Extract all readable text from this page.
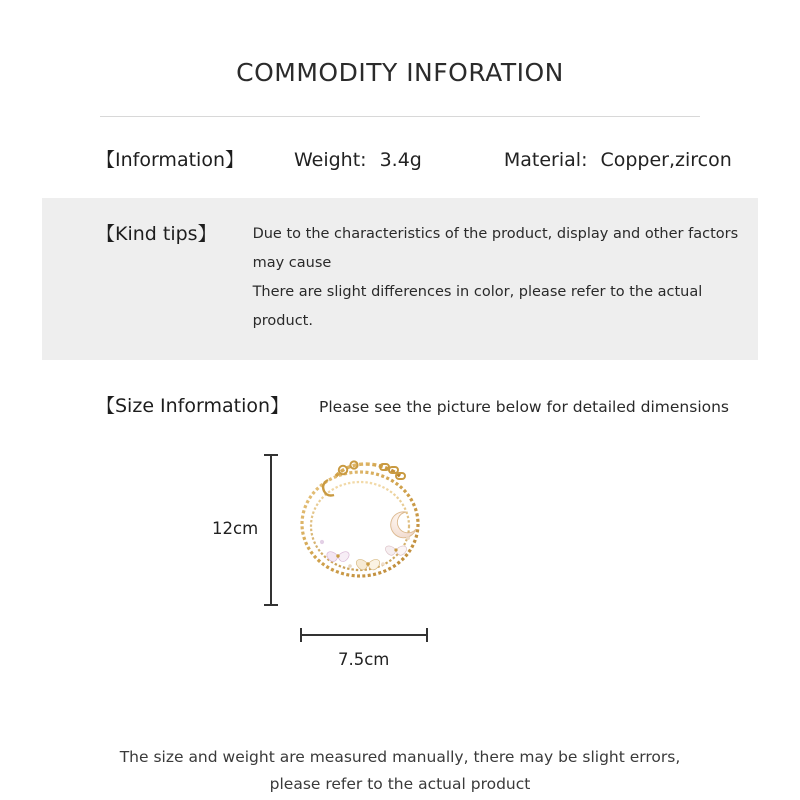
COMMODITY INFORATION
【Information】	Weight: 3.4g	Material: Copper,zircon
【Kind tips】 Due to the characteristics of the product, display and other factors may cause
There are slight differences in color, please refer to the actual product.
【Size Information】 Please see the picture below for detailed dimensions
12cm
7.5cm
The size and weight are measured manually, there may be slight errors,
please refer to the actual product
